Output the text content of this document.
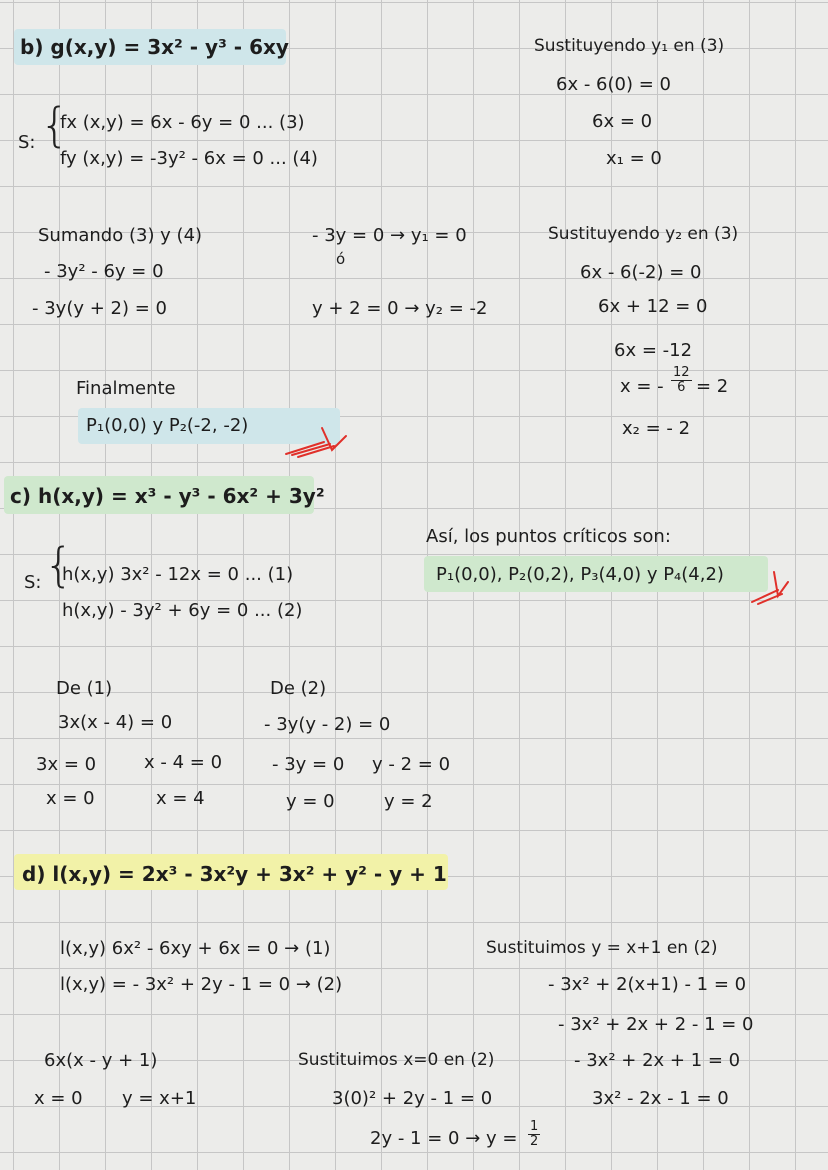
b) g(x,y) = 3x² - y³ - 6xy
S: {
fx (x,y) = 6x - 6y = 0 ... (3)
fy (x,y) = -3y² - 6x = 0 ... (4)
Sumando (3) y (4)
- 3y² - 6y = 0
- 3y(y + 2) = 0
- 3y = 0 → y₁ = 0
ó
y + 2 = 0 → y₂ = -2
Sustituyendo y₁ en (3)
6x - 6(0) = 0
6x = 0
x₁ = 0
Sustituyendo y₂ en (3)
6x - 6(-2) = 0
6x + 12 = 0
6x = -12
x = - $\frac{12}{6} = 2$
x₂ = - 2
Finalmente
P₁(0,0) y P₂(-2, -2)
c) h(x,y) = x³ - y³ - 6x² + 3y²
S: {
h(x,y) 3x² - 12x = 0 ... (1)
h(x,y) - 3y² + 6y = 0 ... (2)
Así, los puntos críticos son:
P₁(0,0), P₂(0,2), P₃(4,0) y P₄(4,2)
De (1)
3x(x - 4) = 0
3x = 0	x - 4 = 0
x = 0	x = 4
De (2)
- 3y(y - 2) = 0
- 3y = 0 y - 2 = 0
y = 0	y = 2
d) l(x,y) = 2x³ - 3x²y + 3x² + y² - y + 1
l(x,y) 6x² - 6xy + 6x = 0 → (1)
l(x,y) = - 3x² + 2y - 1 = 0 → (2)
6x(x - y + 1)
x = 0 y = x+1
Sustituimos x=0 en (2)
3(0)² + 2y - 1 = 0
$2y - 1 = 0 \to y = \frac{1}{2}$
Sustituimos y = x+1 en (2)
- 3x² + 2(x+1) - 1 = 0
- 3x² + 2x + 2 - 1 = 0
- 3x² + 2x + 1 = 0
3x² - 2x - 1 = 0
